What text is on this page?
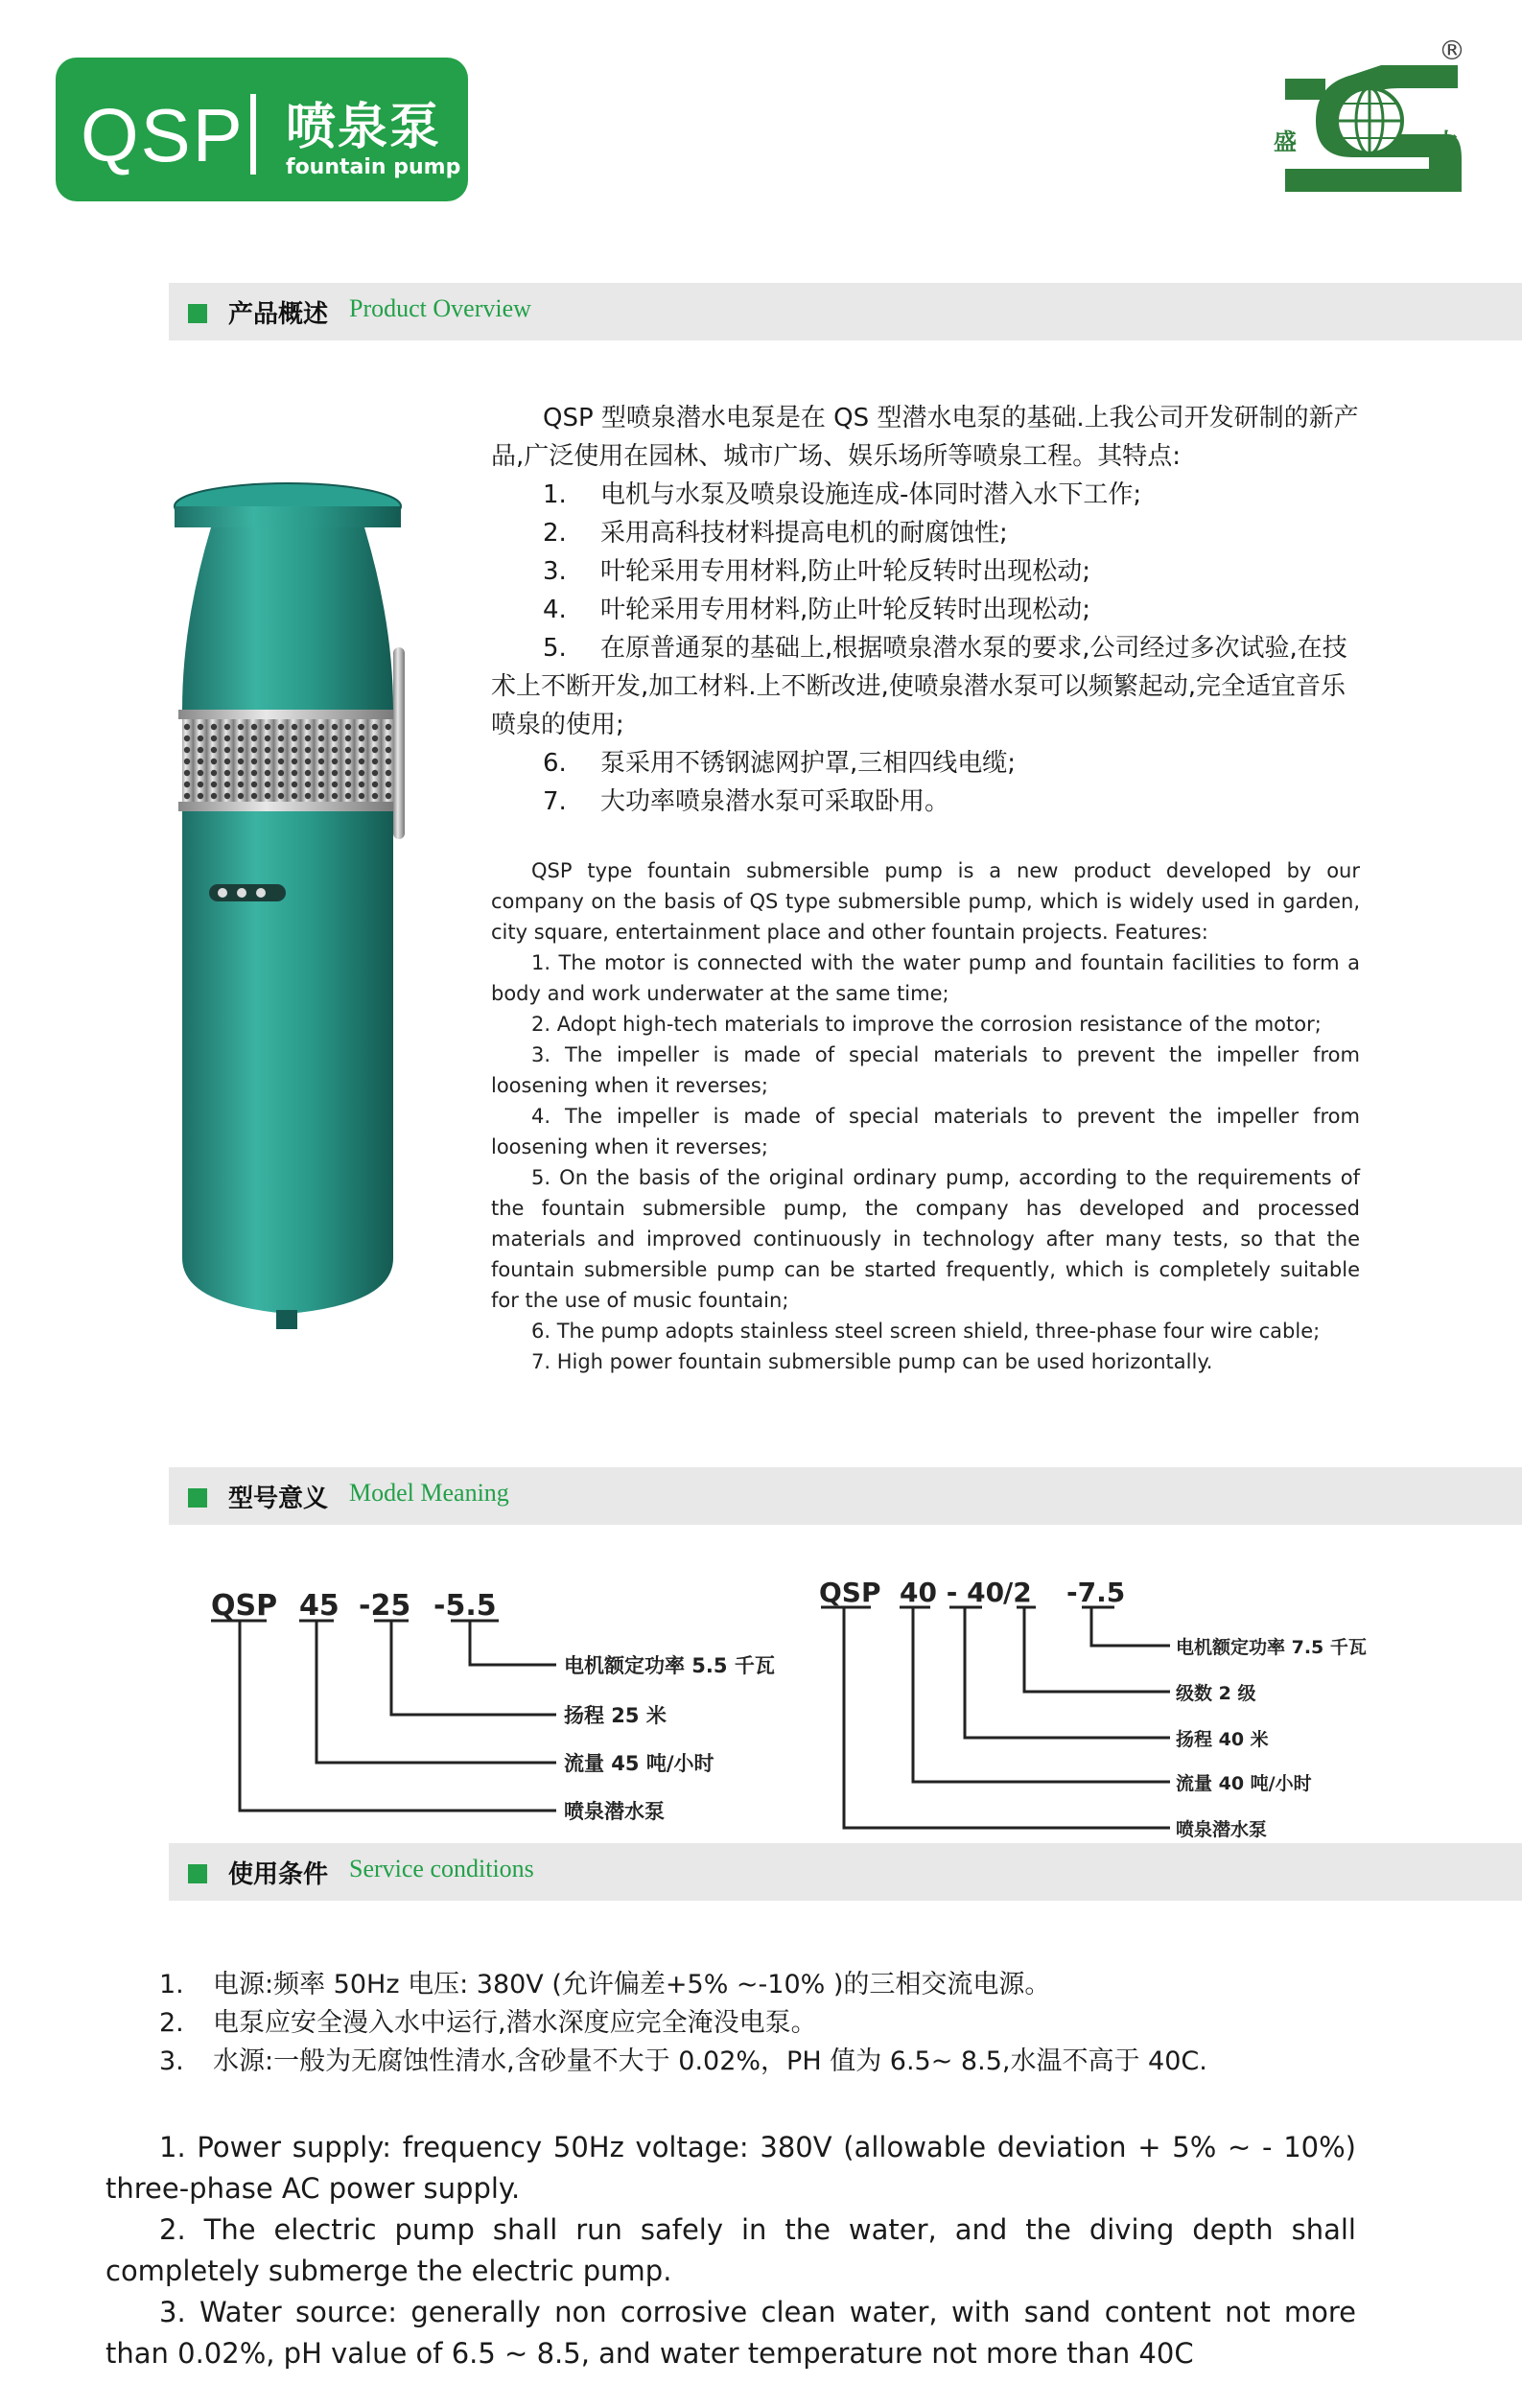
QSP 喷泉泵
fountain pump
盛	太
®
产品概述 Product Overview

QSP 型喷泉潜水电泵是在 QS 型潜水电泵的基础.上我公司开发研制的新产品,广泛使用在园林、城市广场、娱乐场所等喷泉工程。其特点:

1. 电机与水泵及喷泉设施连成-体同时潜入水下工作;

2. 采用高科技材料提高电机的耐腐蚀性;

3. 叶轮采用专用材料,防止叶轮反转时出现松动;

4. 叶轮采用专用材料,防止叶轮反转时出现松动;

5. 在原普通泵的基础上,根据喷泉潜水泵的要求,公司经过多次试验,在技术上不断开发,加工材料.上不断改进,使喷泉潜水泵可以频繁起动,完全适宜音乐喷泉的使用;

6. 泵采用不锈钢滤网护罩,三相四线电缆;

7. 大功率喷泉潜水泵可采取卧用。

QSP type fountain submersible pump is a new product developed by our company on the basis of QS type submersible pump, which is widely used in garden, city square, entertainment place and other fountain projects. Features:

1. The motor is connected with the water pump and fountain facilities to form a body and work underwater at the same time;

2. Adopt high-tech materials to improve the corrosion resistance of the motor;

3. The impeller is made of special materials to prevent the impeller from loosening when it reverses;

4. The impeller is made of special materials to prevent the impeller from loosening when it reverses;

5. On the basis of the original ordinary pump, according to the requirements of the fountain submersible pump, the company has developed and processed materials and improved continuously in technology after many tests, so that the fountain submersible pump can be started frequently, which is completely suitable for the use of music fountain;

6. The pump adopts stainless steel screen shield, three-phase four wire cable;

7. High power fountain submersible pump can be used horizontally.

型号意义 Model Meaning
QSP 45 -25 -5.5
电机额定功率 5.5 千瓦
扬程 25 米
流量 45 吨/小时
喷泉潜水泵
QSP 40 - 40
/2 -7.5
电机额定功率 7.5 千瓦
级数 2 级
扬程 40 米
流量 40 吨/小时
喷泉潜水泵
使用条件 Service conditions

1. 电源:频率 50Hz 电压: 380V (允许偏差+5% ~-10% )的三相交流电源。

2. 电泵应安全漫入水中运行,潜水深度应完全淹没电泵。

3. 水源:一般为无腐蚀性清水,含砂量不大于 0.02%，PH 值为 6.5~ 8.5,水温不高于 40C.

1. Power supply: frequency 50Hz voltage: 380V (allowable deviation + 5% ~ - 10%) three-phase AC power supply.

2. The electric pump shall run safely in the water, and the diving depth shall completely submerge the electric pump.

3. Water source: generally non corrosive clean water, with sand content not more than 0.02%, pH value of 6.5 ~ 8.5, and water temperature not more than 40C
